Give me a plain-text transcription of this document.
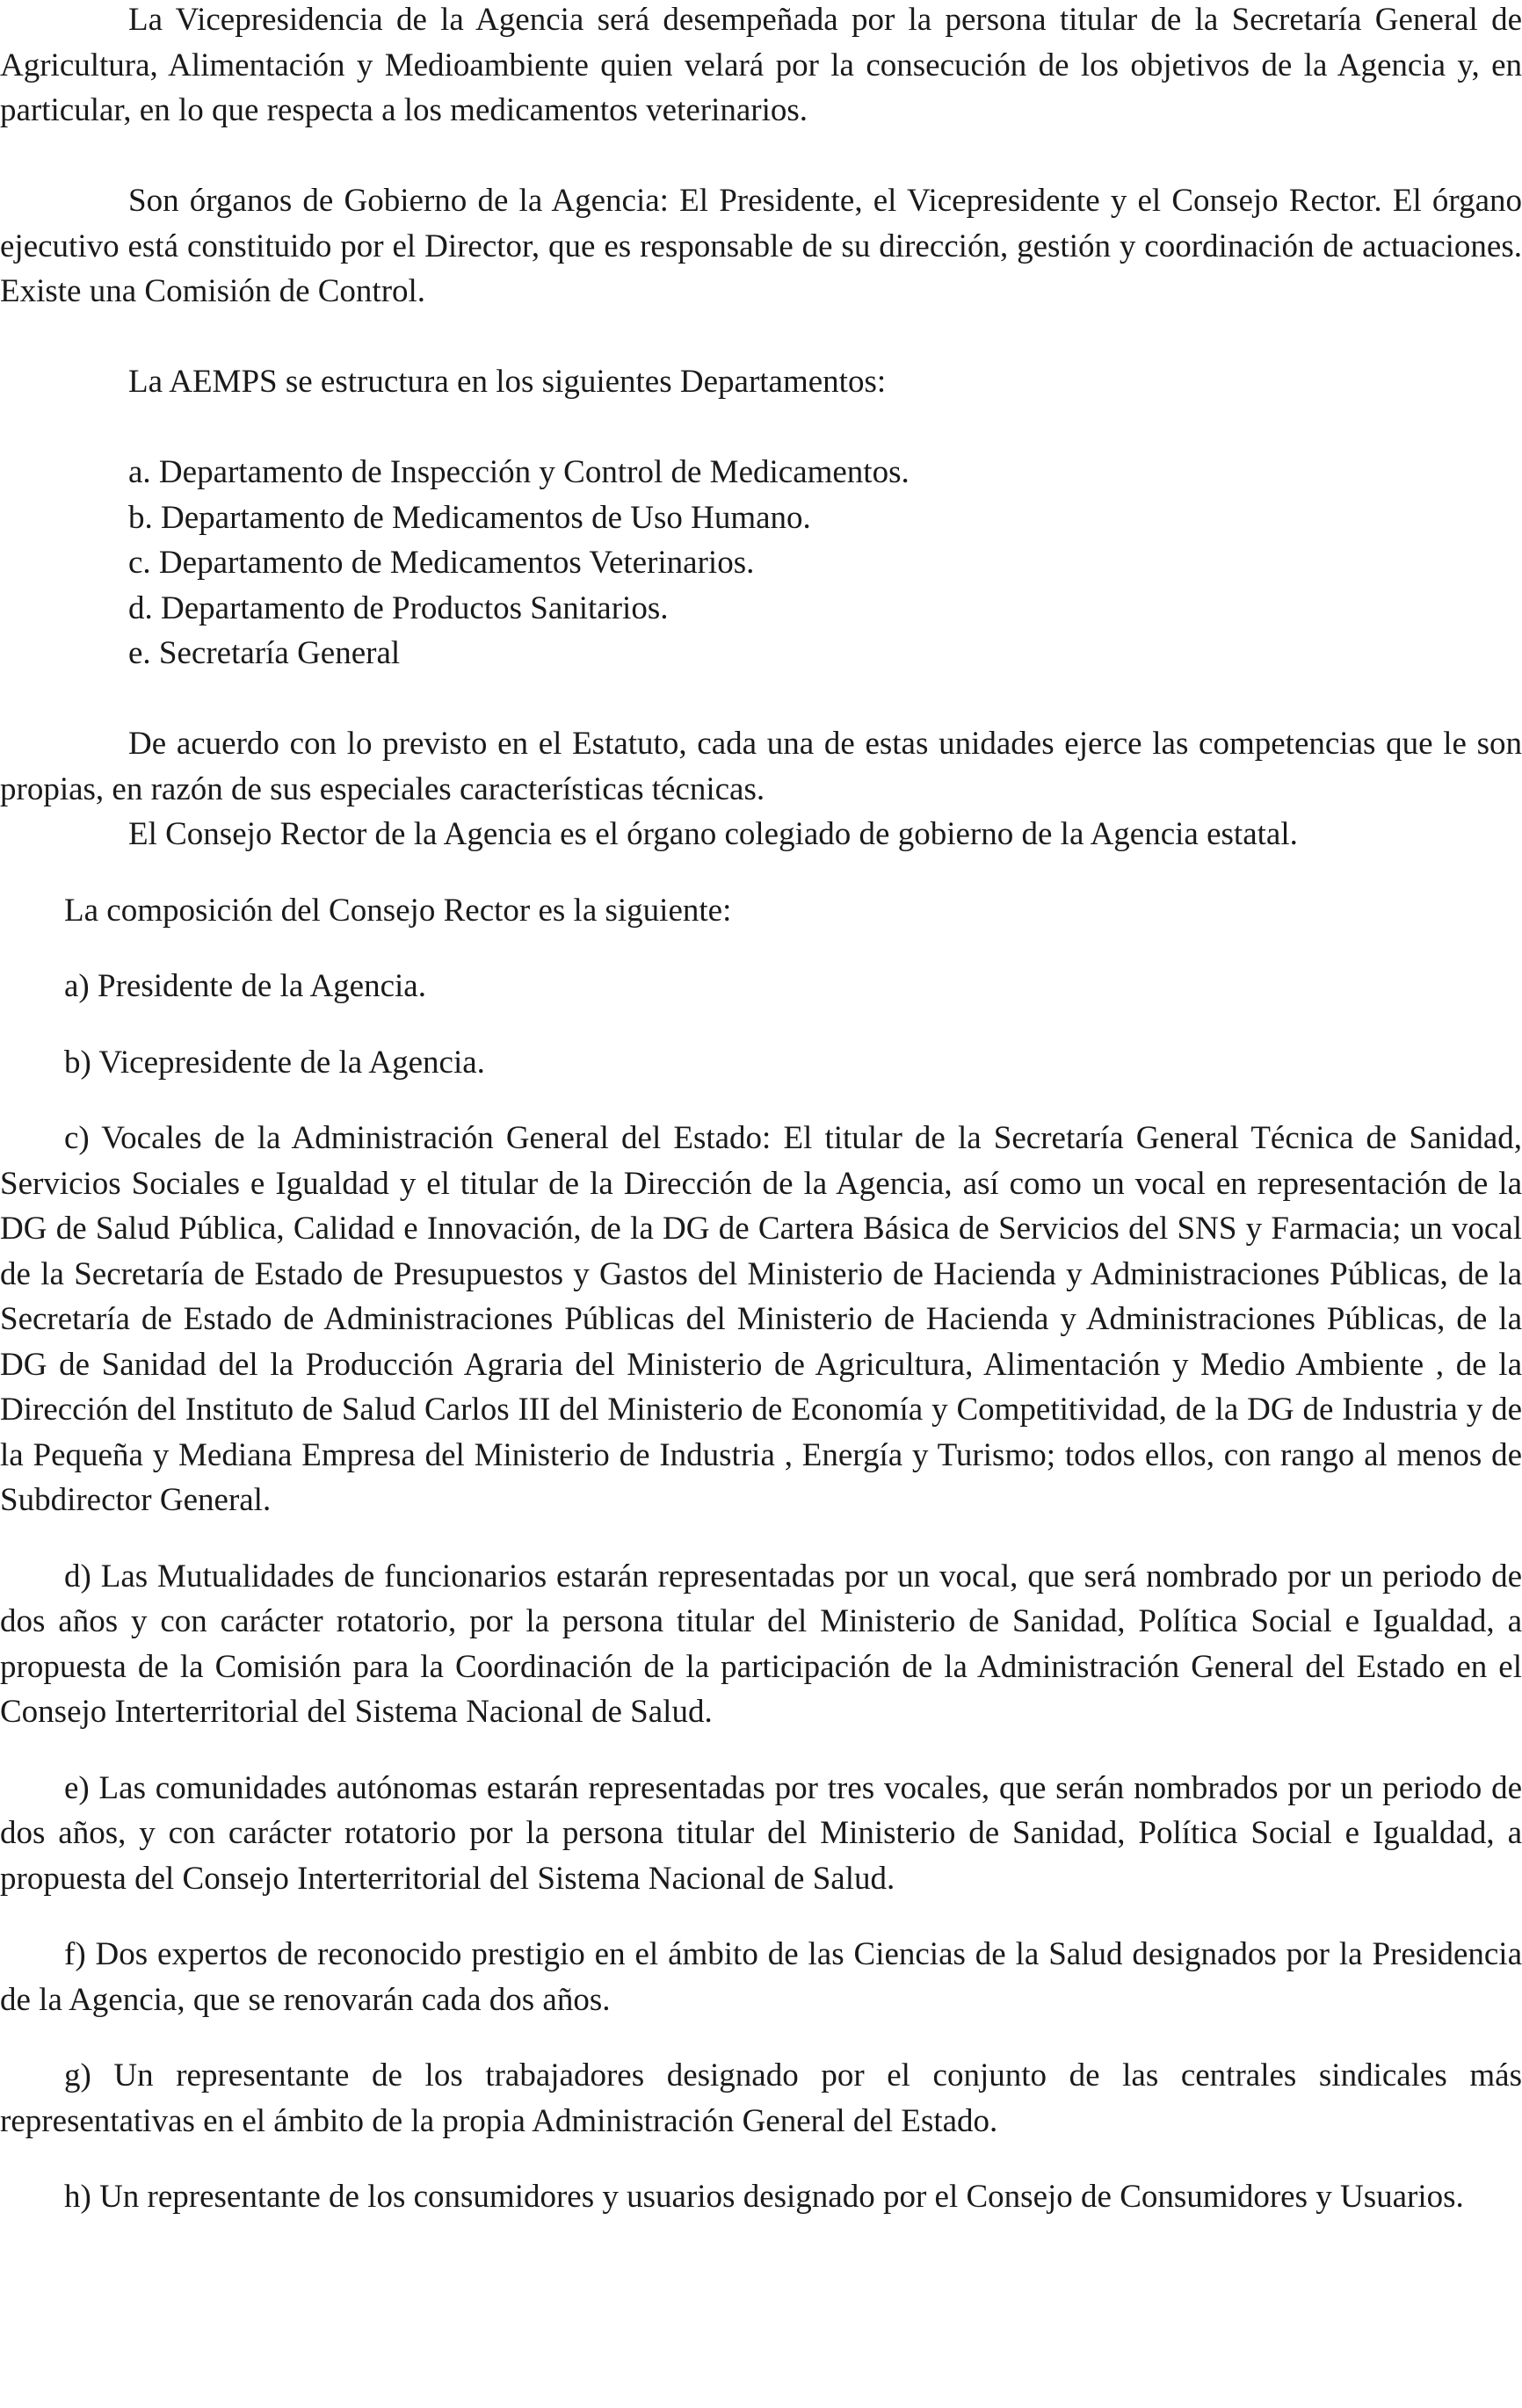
La Vicepresidencia de la Agencia será desempeñada por la persona titular de la Secretaría General de Agricultura, Alimentación y Medioambiente quien velará por la consecución de los objetivos de la Agencia y, en particular, en lo que respecta a los medicamentos veterinarios.

Son órganos de Gobierno de la Agencia: El Presidente, el Vicepresidente y el Consejo Rector. El órgano ejecutivo está constituido por el Director, que es responsable de su dirección, gestión y coordinación de actuaciones. Existe una Comisión de Control.

La AEMPS se estructura en los siguientes Departamentos:

a. Departamento de Inspección y Control de Medicamentos.
b. Departamento de Medicamentos de Uso Humano.
c. Departamento de Medicamentos Veterinarios.
d. Departamento de Productos Sanitarios.
e. Secretaría General

De acuerdo con lo previsto en el Estatuto, cada una de estas unidades ejerce las competencias que le son propias, en razón de sus especiales características técnicas.

El Consejo Rector de la Agencia es el órgano colegiado de gobierno de la Agencia estatal.

La composición del Consejo Rector es la siguiente:

a) Presidente de la Agencia.

b) Vicepresidente de la Agencia.

c) Vocales de la Administración General del Estado: El titular de la Secretaría General Técnica de Sanidad, Servicios Sociales e Igualdad y el titular de la Dirección de la Agencia, así como un vocal en representación de la DG de Salud Pública, Calidad e Innovación, de la DG de Cartera Básica de Servicios del SNS y Farmacia; un vocal de la Secretaría de Estado de Presupuestos y Gastos del Ministerio de Hacienda y Administraciones Públicas, de la Secretaría de Estado de Administraciones Públicas del Ministerio de Hacienda y Administraciones Públicas, de la DG de Sanidad del la Producción Agraria del Ministerio de Agricultura, Alimentación y Medio Ambiente , de la Dirección del Instituto de Salud Carlos III del Ministerio de Economía y Competitividad, de la DG de Industria y de la Pequeña y Mediana Empresa del Ministerio de Industria , Energía y Turismo; todos ellos, con rango al menos de Subdirector General.

d) Las Mutualidades de funcionarios estarán representadas por un vocal, que será nombrado por un periodo de dos años y con carácter rotatorio, por la persona titular del Ministerio de Sanidad, Política Social e Igualdad, a propuesta de la Comisión para la Coordinación de la participación de la Administración General del Estado en el Consejo Interterritorial del Sistema Nacional de Salud.

e) Las comunidades autónomas estarán representadas por tres vocales, que serán nombrados por un periodo de dos años, y con carácter rotatorio por la persona titular del Ministerio de Sanidad, Política Social e Igualdad, a propuesta del Consejo Interterritorial del Sistema Nacional de Salud.

f) Dos expertos de reconocido prestigio en el ámbito de las Ciencias de la Salud designados por la Presidencia de la Agencia, que se renovarán cada dos años.

g) Un representante de los trabajadores designado por el conjunto de las centrales sindicales más representativas en el ámbito de la propia Administración General del Estado.

h) Un representante de los consumidores y usuarios designado por el Consejo de Consumidores y Usuarios.
